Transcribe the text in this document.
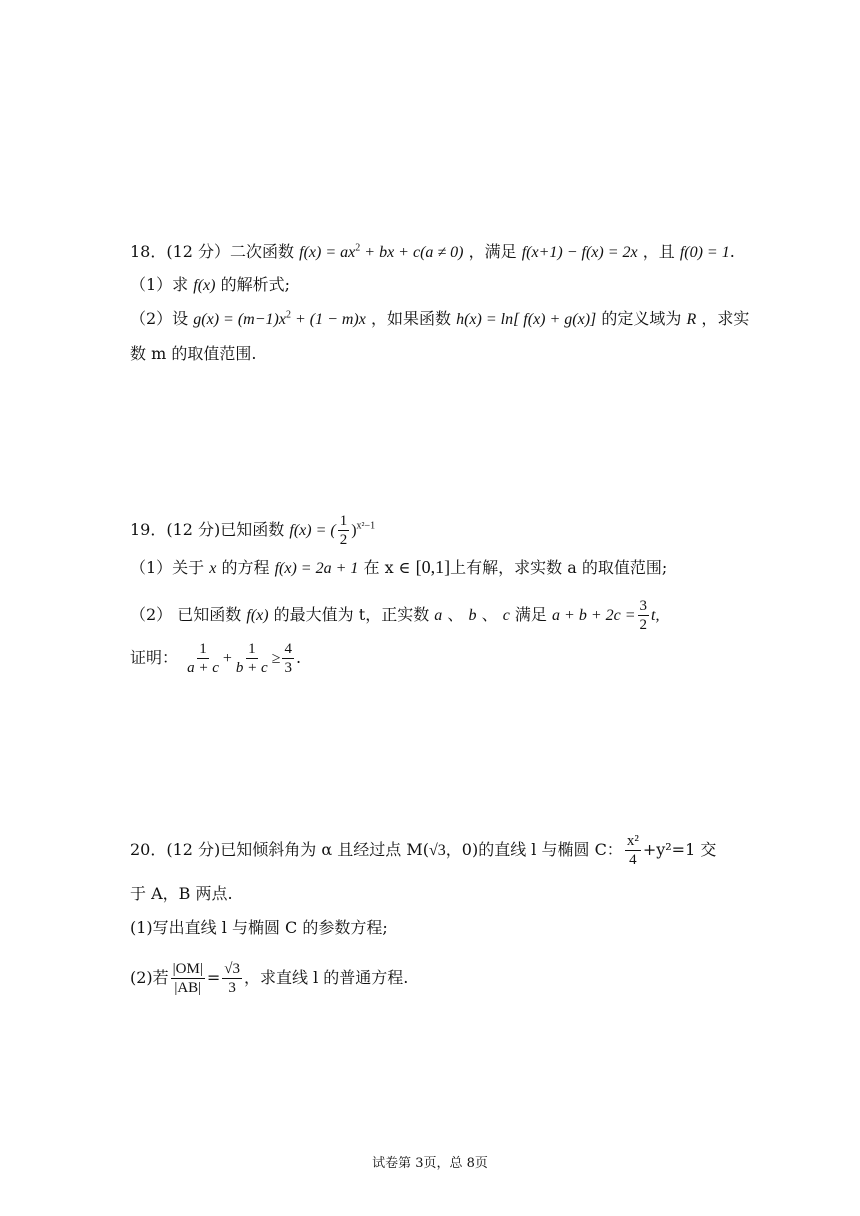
18．(12 分）二次函数 $f(x) = ax^2$ + bx + c(a ≠ 0) ，满足 f(x+1) − f(x) = 2x ，且 f(0) = 1.
（1）求 f(x) 的解析式;
（2）设 $g(x) = (m-1)x^2 + (1 - m)x$ ，如果函数 h(x) = ln[ f(x) + g(x)] 的定义域为 R ，求实
数 m 的取值范围.
19．(12 分)已知函数 f(x) = ( $\frac{1}{2} )^{x^2-1}$
（1）关于 x 的方程 f(x) = 2a + 1 在 x ∈ [0,1]上有解，求实数 a 的取值范围;
（2） 已知函数 f(x) 的最大值为 t，正实数 a 、 b 、 c 满足 $a + b + 2c = \frac{3}{2} t$,
证明： $\frac{1}{a + c} + \frac{1}{b + c} \ge \frac{4}{3}$ .
20．(12 分)已知倾斜角为 α 且经过点 M(√3，0)的直线 l 与椭圆 C： $\frac{\text{x²}}{4} +y^2=1$ 交
于 A，B 两点.
(1)写出直线 l 与椭圆 C 的参数方程;
(2)若 $\frac{|OM|}{|AB|} = \frac{√3}{3}$ ，求直线 l 的普通方程.
试卷第 3页，总 8页
